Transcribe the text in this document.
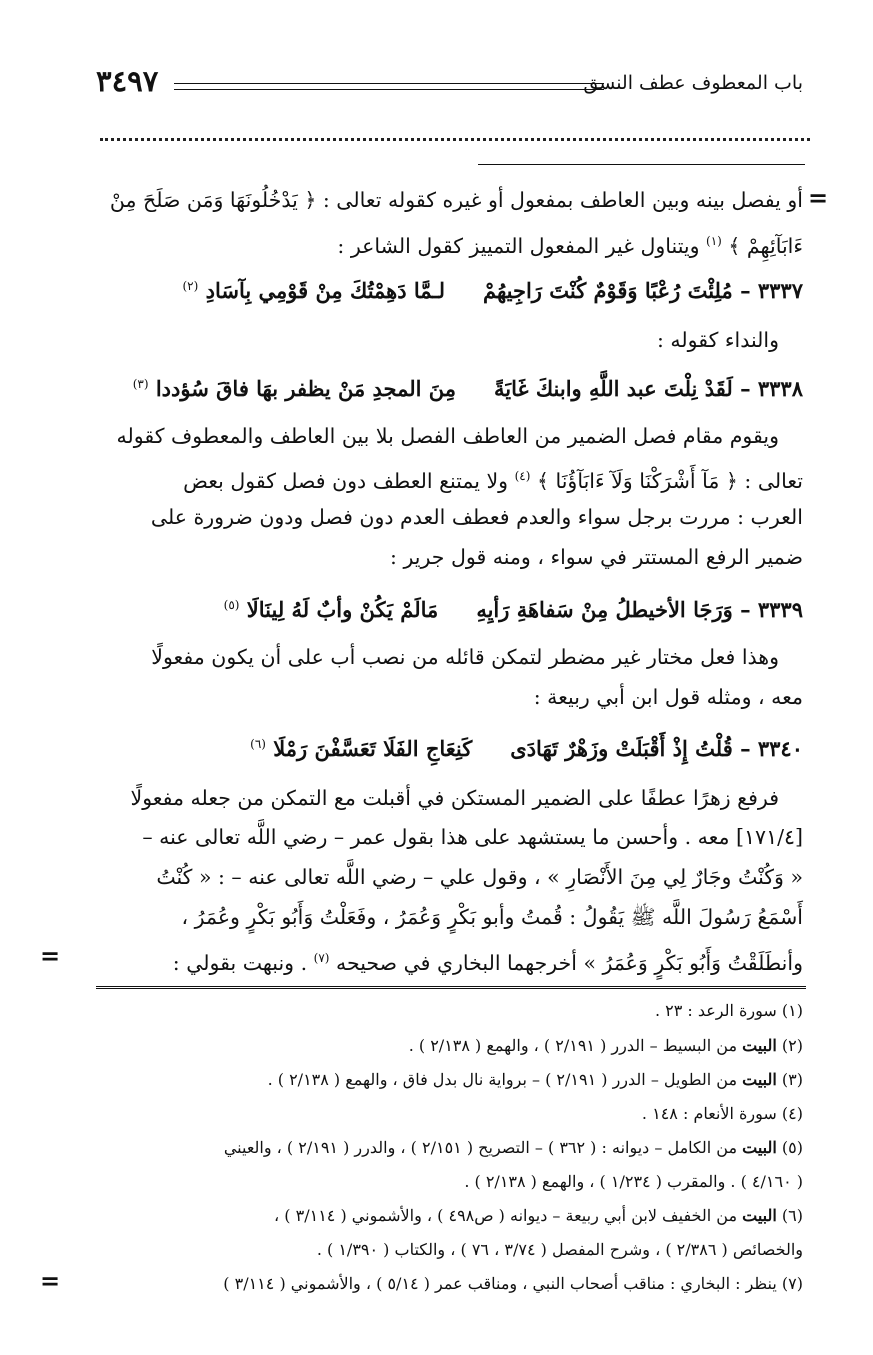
باب المعطوف عطف النسق
٣٤٩٧
=
أو يفصل بينه وبين العاطف بمفعول أو غيره كقوله تعالى : ﴿ يَدْخُلُونَهَا وَمَن صَلَحَ مِنْ
ءَابَآئِهِمْ ﴾ $^{(١)}$ ويتناول غير المفعول التمييز كقول الشاعر :
٣٣٣٧ – مُلِئْتَ رُعْبًا وَقَوْمٌ كُنْتَ رَاجِيهُمْلـمَّا دَهِمْتُكَ مِنْ قَوْمِي بِآسَادِ $^{(٢)}$
والنداء كقوله :
٣٣٣٨ – لَقَدْ نِلْتَ عبد اللَّهِ وابنكَ غَايَةًمِنَ المجدِ مَنْ يظفر بهَا فاقَ سُؤددا $^{(٣)}$
ويقوم مقام فصل الضمير من العاطف الفصل بلا بين العاطف والمعطوف كقوله
تعالى : ﴿ مَآ أَشْرَكْنَا وَلَآ ءَابَآؤُنَا ﴾ $^{(٤)}$ ولا يمتنع العطف دون فصل كقول بعض
العرب : مررت برجل سواء والعدم فعطف العدم دون فصل ودون ضرورة على
ضمير الرفع المستتر في سواء ، ومنه قول جرير :
٣٣٣٩ – وَرَجَا الأخيطلُ مِنْ سَفاهَةِ رَأيِهِمَالَمْ يَكُنْ وأبٌ لَهُ لِينَالَا $^{(٥)}$
وهذا فعل مختار غير مضطر لتمكن قائله من نصب أب على أن يكون مفعولًا
معه ، ومثله قول ابن أبي ربيعة :
٣٣٤٠ – قُلْتُ إِذْ أَقْبَلَتْ وزَهْرٌ تَهَادَىكَنِعَاجِ الفَلَا تَعَسَّفْنَ رَمْلَا $^{(٦)}$
فرفع زهرًا عطفًا على الضمير المستكن في أقبلت مع التمكن من جعله مفعولًا
[١٧١/٤] معه . وأحسن ما يستشهد على هذا بقول عمر – رضي اللَّه تعالى عنه –
« وَكُنْتُ وجَارٌ لِي مِنَ الأَنْصَارِ » ، وقول علي – رضي اللَّه تعالى عنه – : « كُنْتُ
أَسْمَعُ رَسُولَ اللَّه ﷺ يَقُولُ : قُمتُ وأبو بَكْرٍ وَعُمَرُ ، وفَعَلْتُ وَأَبُو بَكْرٍ وعُمَرُ ،
وأنطَلَقْتُ وَأَبُو بَكْرٍ وَعُمَرُ » أخرجهما البخاري في صحيحه $^{(٧)}$ . ونبهت بقولي :
=
(١) سورة الرعد : ٢٣ .
(٢) البيت من البسيط – الدرر ( ٢/١٩١ ) ، والهمع ( ٢/١٣٨ ) .
(٣) البيت من الطويل – الدرر ( ٢/١٩١ ) – برواية نال بدل فاق ، والهمع ( ٢/١٣٨ ) .
(٤) سورة الأنعام : ١٤٨ .
(٥) البيت من الكامل – ديوانه : ( ٣٦٢ ) – التصريح ( ٢/١٥١ ) ، والدرر ( ٢/١٩١ ) ، والعيني
( ٤/١٦٠ ) . والمقرب ( ١/٢٣٤ ) ، والهمع ( ٢/١٣٨ ) .
(٦) البيت من الخفيف لابن أبي ربيعة – ديوانه ( ص٤٩٨ ) ، والأشموني ( ٣/١١٤ ) ،
والخصائص ( ٢/٣٨٦ ) ، وشرح المفصل ( ٣/٧٤ ، ٧٦ ) ، والكتاب ( ١/٣٩٠ ) .
(٧) ينظر : البخاري : مناقب أصحاب النبي ، ومناقب عمر ( ٥/١٤ ) ، والأشموني ( ٣/١١٤ )
=
